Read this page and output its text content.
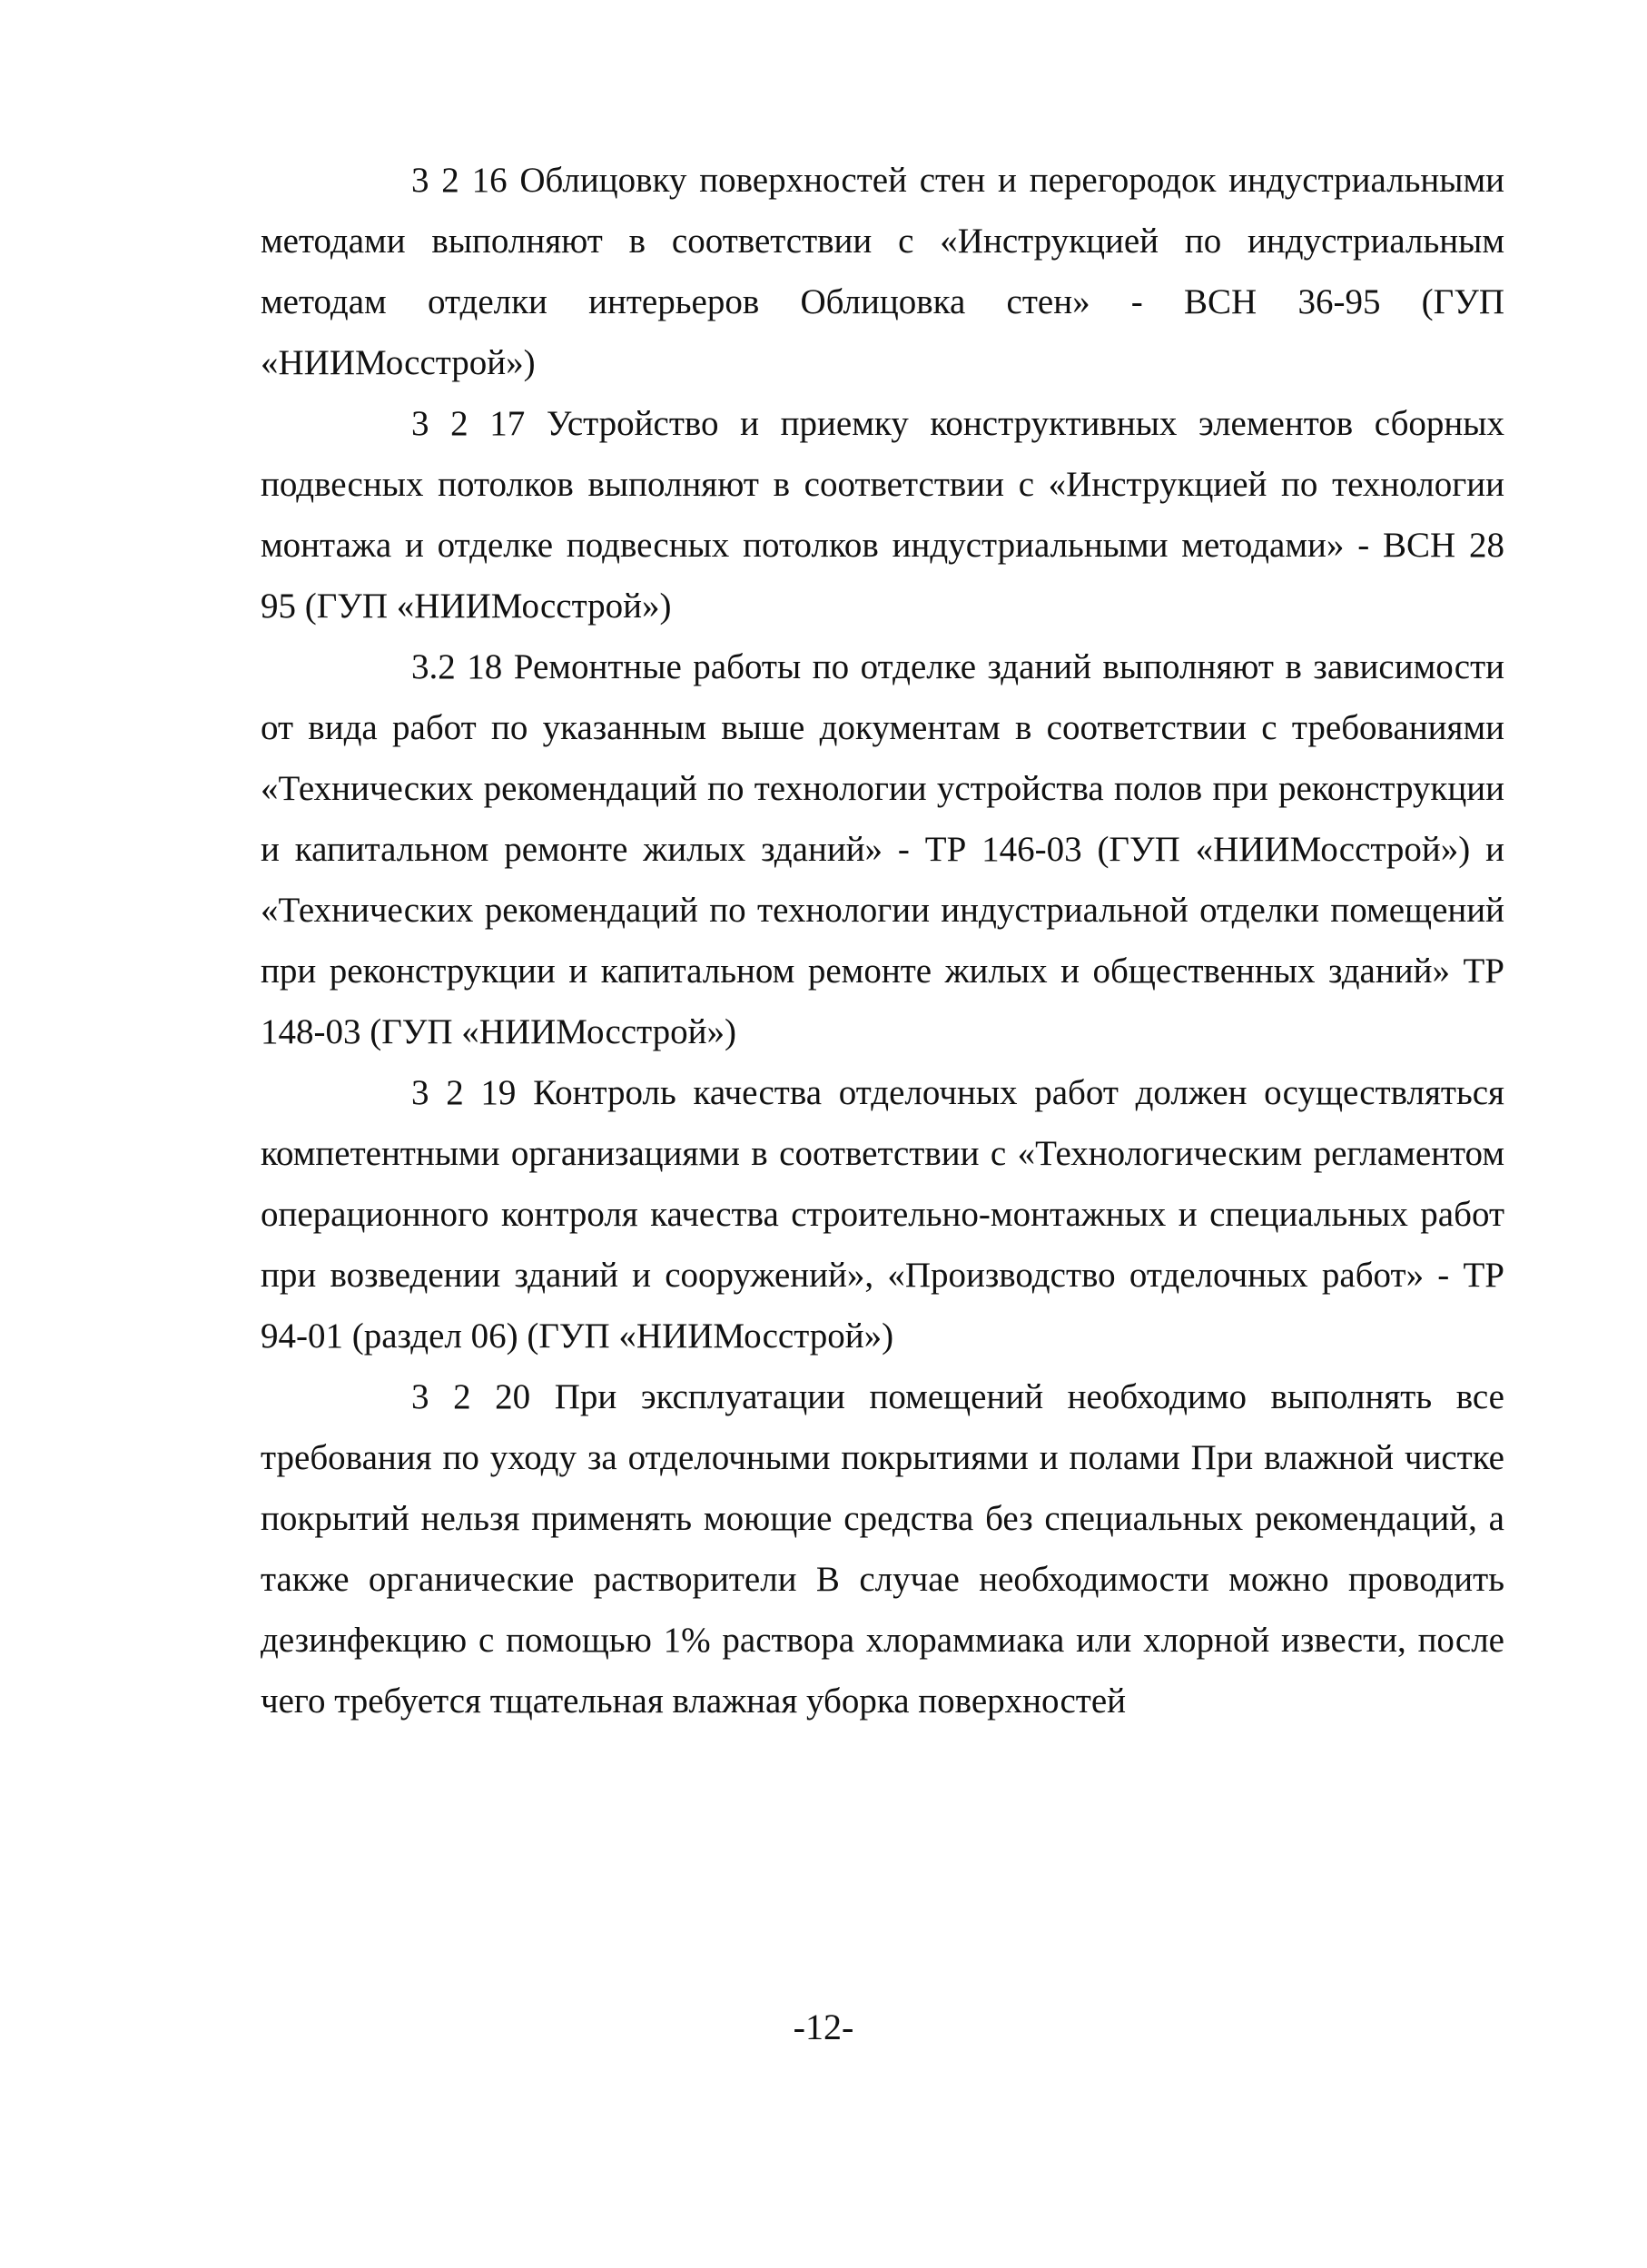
3 2 16 Облицовку поверхностей стен и перегородок индустриальными методами выполняют в соответствии с «Инструкцией по индустриальным методам отделки интерьеров Облицовка стен» - ВСН 36-95 (ГУП «НИИМосстрой»)

3 2 17 Устройство и приемку конструктивных элементов сборных подвесных потолков выполняют в соответствии с «Инструкцией по технологии монтажа и отделке подвесных потолков индустриальными методами» - ВСН 28 95 (ГУП «НИИМосстрой»)

3.2 18 Ремонтные работы по отделке зданий выполняют в зависимости от вида работ по указанным выше документам в соответствии с требованиями «Технических рекомендаций по технологии устройства полов при реконструкции и капитальном ремонте жилых зданий» - ТР 146-03 (ГУП «НИИМосстрой») и «Технических рекомендаций по технологии индустриальной отделки помещений при реконструкции и капитальном ремонте жилых и общественных зданий» ТР 148-03 (ГУП «НИИМосстрой»)

3 2 19 Контроль качества отделочных работ должен осуществляться компетентными организациями в соответствии с «Технологическим регламентом операционного контроля качества строительно-монтажных и специальных работ при возведении зданий и сооружений», «Производство отделочных работ» - ТР 94-01 (раздел 06) (ГУП «НИИМосстрой»)

3 2 20 При эксплуатации помещений необходимо выполнять все требования по уходу за отделочными покрытиями и полами При влажной чистке покрытий нельзя применять моющие средства без специальных рекомендаций, а также органические растворители В случае необходимости можно проводить дезинфекцию с помощью 1% раствора хлораммиака или хлорной извести, после чего требуется тщательная влажная уборка поверхностей

-12-
